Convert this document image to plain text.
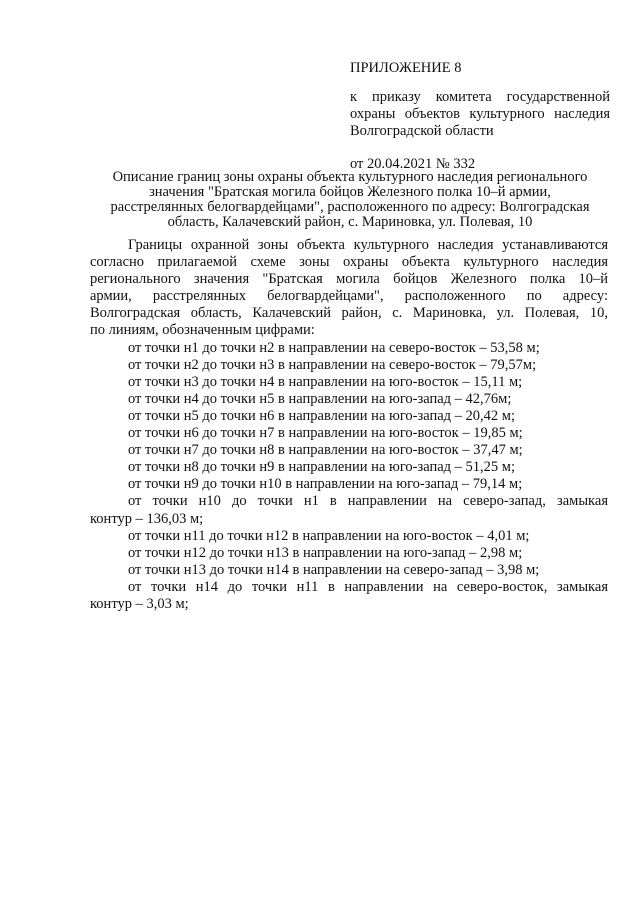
ПРИЛОЖЕНИЕ 8

к приказу комитета государственной
охраны объектов культурного наследия
Волгоградской области

от 20.04.2021 № 332

Описание границ зоны охраны объекта культурного наследия регионального
значения "Братская могила бойцов Железного полка 10–й армии,
расстрелянных белогвардейцами", расположенного по адресу: Волгоградская
область, Калачевский район, с. Мариновка, ул. Полевая, 10
Границы охранной зоны объекта культурного наследия устанавливаются
согласно прилагаемой схеме зоны охраны объекта культурного наследия
регионального значения "Братская могила бойцов Железного полка 10–й
армии, расстрелянных белогвардейцами", расположенного по адресу:
Волгоградская область, Калачевский район, с. Мариновка, ул. Полевая, 10,
по линиям, обозначенным цифрами:
от точки н1 до точки н2 в направлении на северо-восток – 53,58 м;
от точки н2 до точки н3 в направлении на северо-восток – 79,57м;
от точки н3 до точки н4 в направлении на юго-восток – 15,11 м;
от точки н4 до точки н5 в направлении на юго-запад – 42,76м;
от точки н5 до точки н6 в направлении на юго-запад – 20,42 м;
от точки н6 до точки н7 в направлении на юго-восток – 19,85 м;
от точки н7 до точки н8 в направлении на юго-восток – 37,47 м;
от точки н8 до точки н9 в направлении на юго-запад – 51,25 м;
от точки н9 до точки н10 в направлении на юго-запад – 79,14 м;
от точки н10 до точки н1 в направлении на северо-запад, замыкая
контур – 136,03 м;
от точки н11 до точки н12 в направлении на юго-восток – 4,01 м;
от точки н12 до точки н13 в направлении на юго-запад – 2,98 м;
от точки н13 до точки н14 в направлении на северо-запад – 3,98 м;
от точки н14 до точки н11 в направлении на северо-восток, замыкая
контур – 3,03 м;
